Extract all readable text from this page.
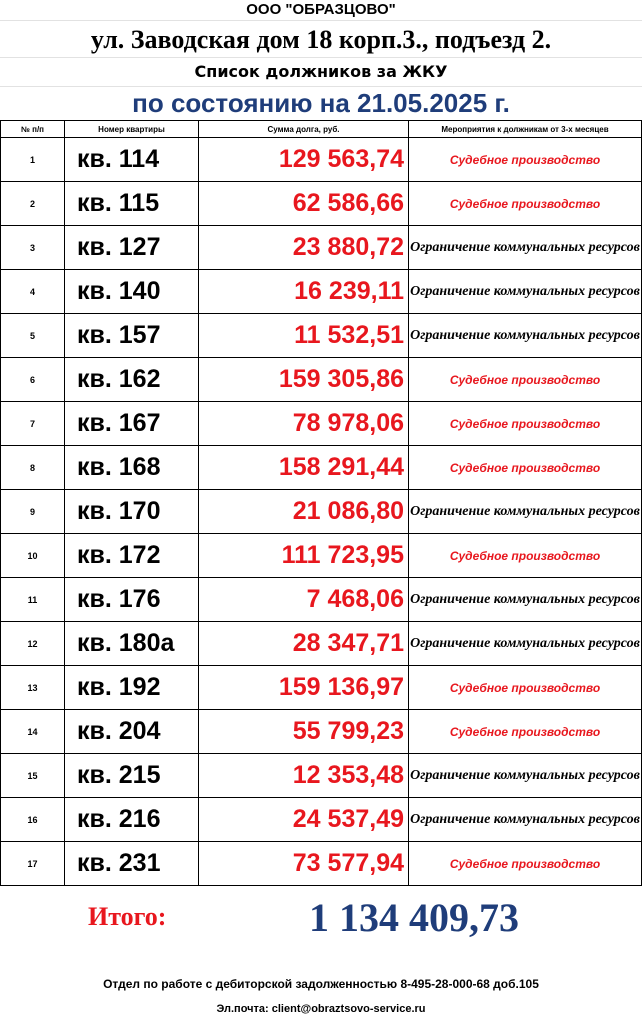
ООО "ОБРАЗЦОВО"
ул. Заводская дом 18 корп.3., подъезд 2.
Список должников за ЖКУ
по состоянию на 21.05.2025 г.
№ п/п	Номер квартиры	Сумма долга, руб.	Мероприятия к должникам от 3-х месяцев
1	кв. 114	129 563,74	Судебное производство
2	кв. 115	62 586,66	Судебное производство
3	кв. 127	23 880,72	Ограничение коммунальных ресурсов
4	кв. 140	16 239,11	Ограничение коммунальных ресурсов
5	кв. 157	11 532,51	Ограничение коммунальных ресурсов
6	кв. 162	159 305,86	Судебное производство
7	кв. 167	78 978,06	Судебное производство
8	кв. 168	158 291,44	Судебное производство
9	кв. 170	21 086,80	Ограничение коммунальных ресурсов
10	кв. 172	111 723,95	Судебное производство
11	кв. 176	7 468,06	Ограничение коммунальных ресурсов
12	кв. 180а	28 347,71	Ограничение коммунальных ресурсов
13	кв. 192	159 136,97	Судебное производство
14	кв. 204	55 799,23	Судебное производство
15	кв. 215	12 353,48	Ограничение коммунальных ресурсов
16	кв. 216	24 537,49	Ограничение коммунальных ресурсов
17	кв. 231	73 577,94	Судебное производство
Итого:	1 134 409,73
Отдел по работе с дебиторской задолженностью 8-495-28-000-68 доб.105
Эл.почта: client@obraztsovo-service.ru
